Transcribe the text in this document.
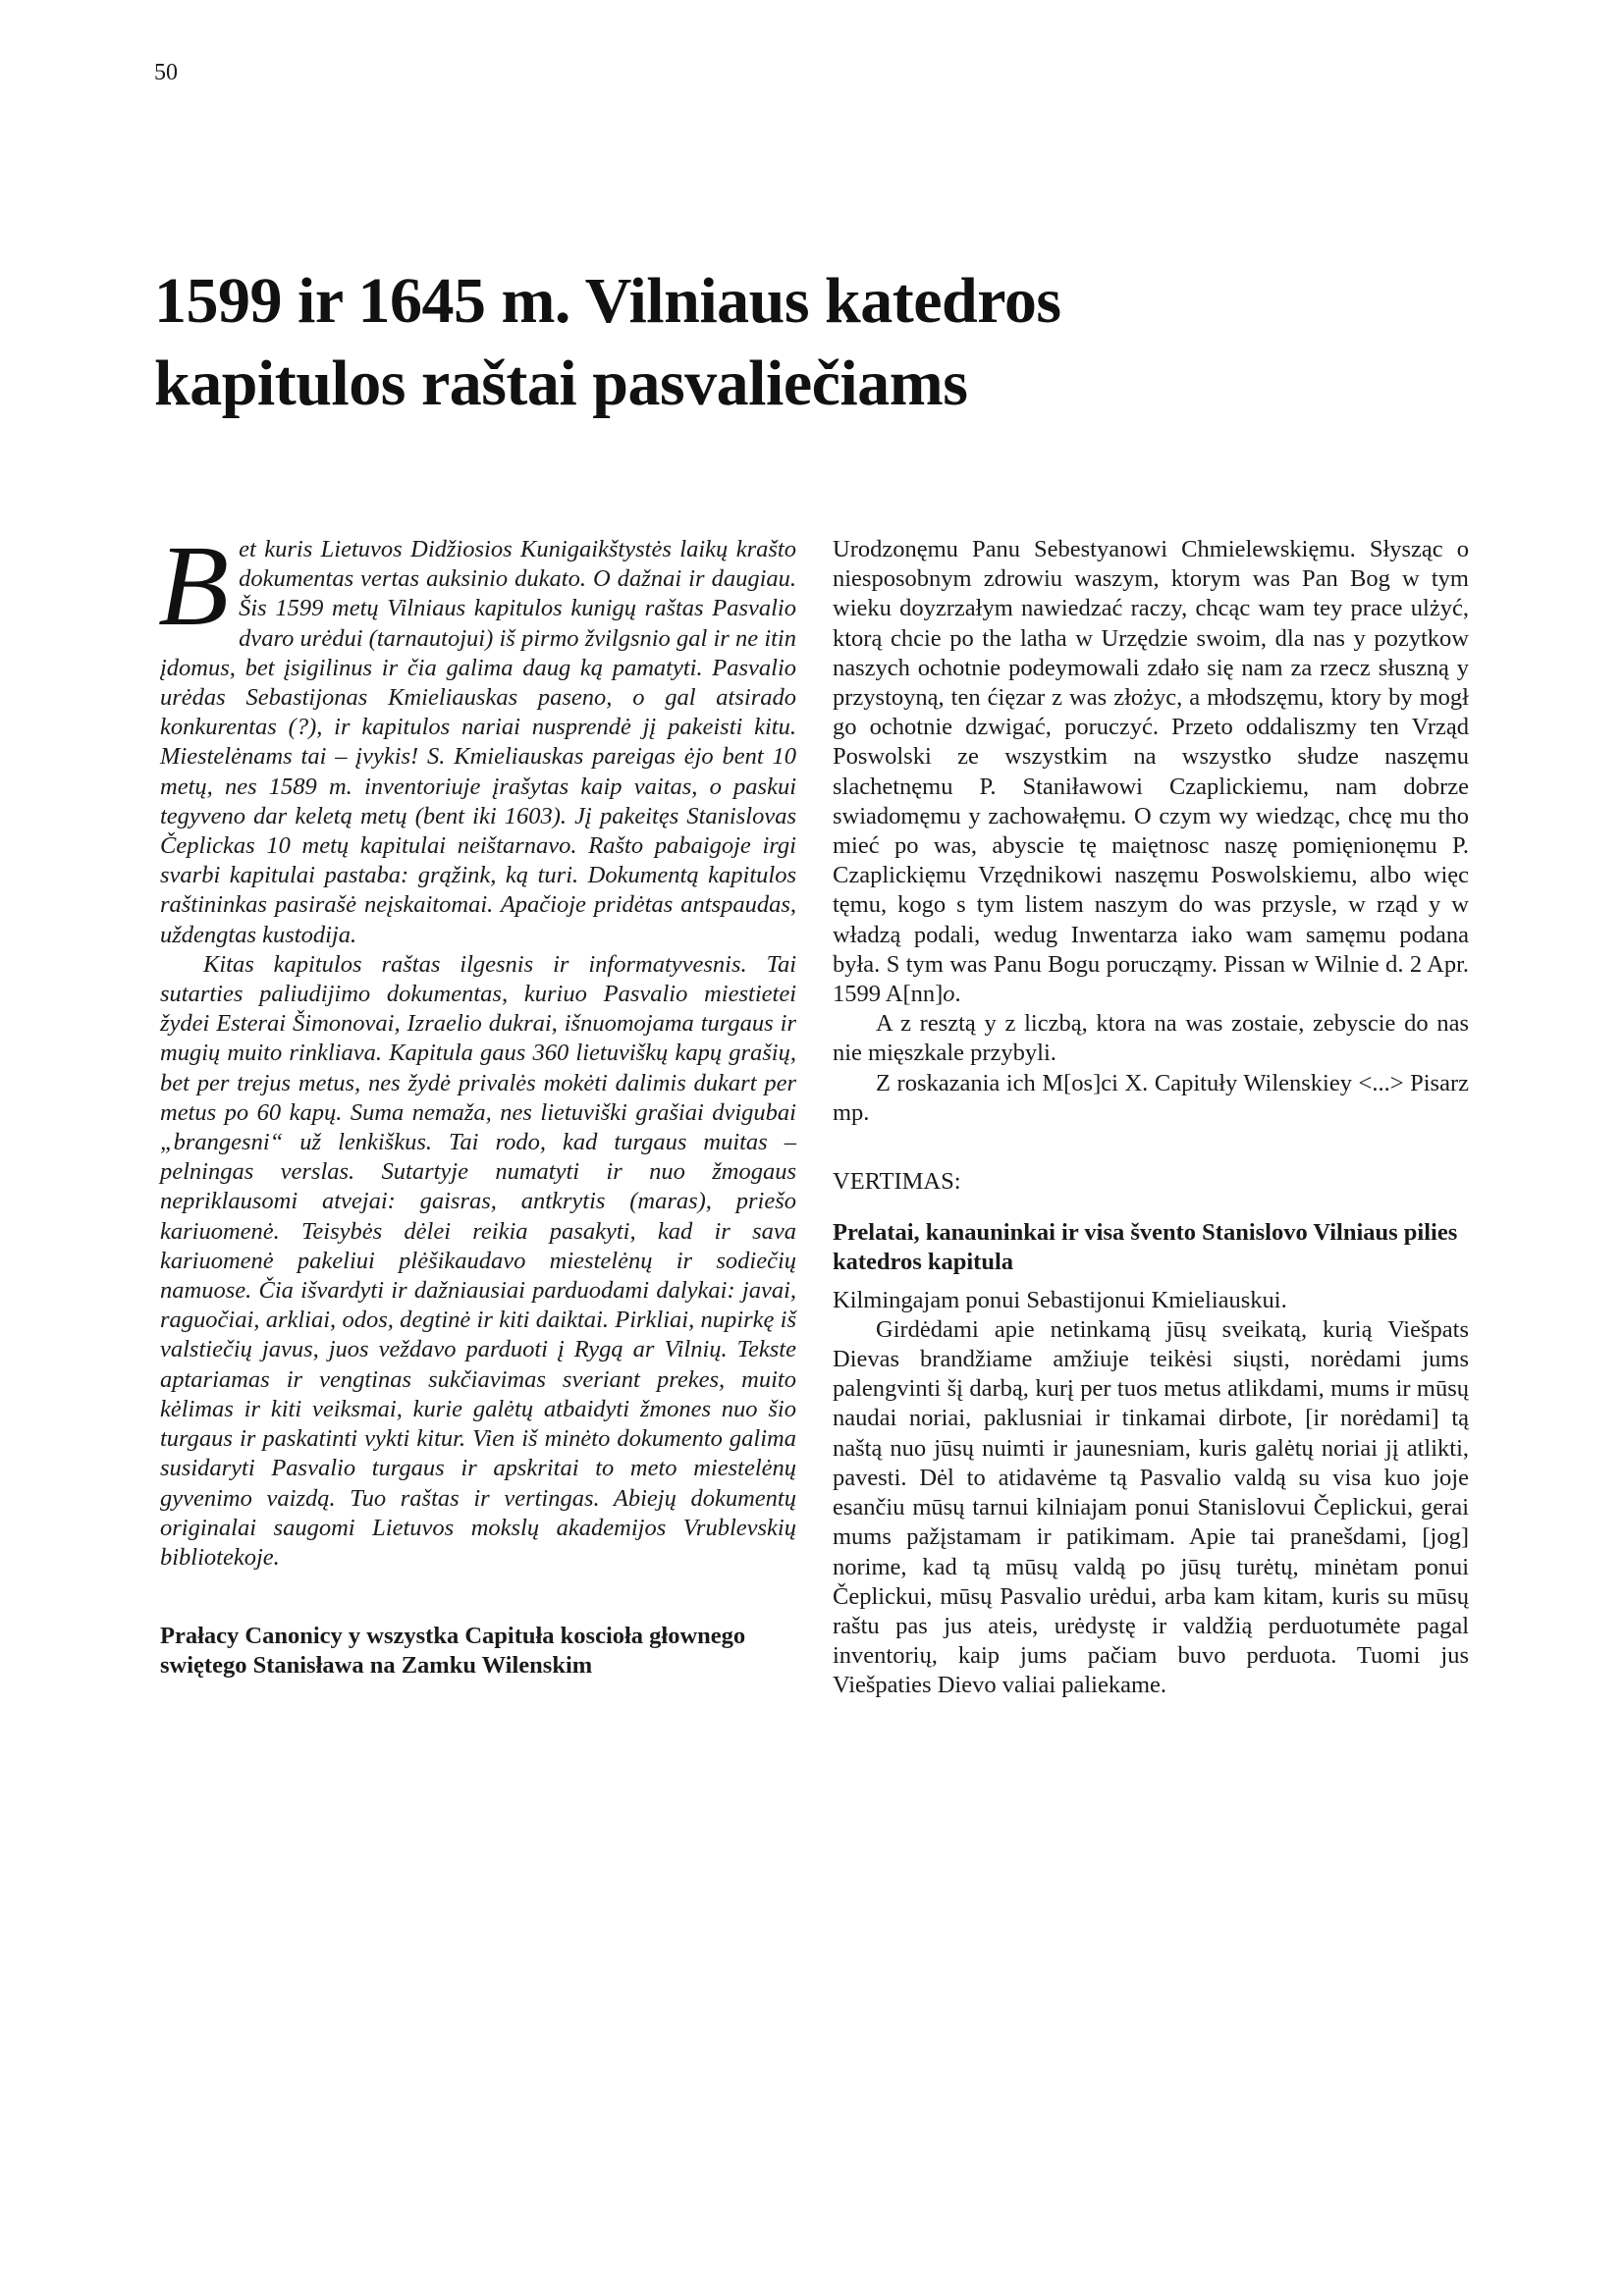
50
1599 ir 1645 m. Vilniaus katedros
kapitulos raštai pasvaliečiams

Bet kuris Lietuvos Didžiosios Kunigaikštystės laikų krašto dokumentas vertas auksinio dukato. O dažnai ir daugiau. Šis 1599 metų Vilniaus kapitulos kunigų raštas Pasvalio dvaro urėdui (tarnautojui) iš pirmo žvilgsnio gal ir ne itin įdomus, bet įsigilinus ir čia galima daug ką pamatyti. Pasvalio urėdas Sebastijonas Kmieliauskas paseno, o gal atsirado konkurentas (?), ir kapitulos nariai nusprendė jį pakeisti kitu. Miestelėnams tai – įvykis! S. Kmieliauskas pareigas ėjo bent 10 metų, nes 1589 m. inventoriuje įrašytas kaip vaitas, o paskui tegyveno dar keletą metų (bent iki 1603). Jį pakeitęs Stanislovas Čeplickas 10 metų kapitulai neištarnavo. Rašto pabaigoje irgi svarbi kapitulai pastaba: grąžink, ką turi. Dokumentą kapitulos raštininkas pasirašė neįskaitomai. Apačioje pridėtas antspaudas, uždengtas kustodija.

Kitas kapitulos raštas ilgesnis ir informatyvesnis. Tai sutarties paliudijimo dokumentas, kuriuo Pasvalio miestietei žydei Esterai Šimonovai, Izraelio dukrai, išnuomojama turgaus ir mugių muito rinkliava. Kapitula gaus 360 lietuviškų kapų grašių, bet per trejus metus, nes žydė privalės mokėti dalimis dukart per metus po 60 kapų. Suma nemaža, nes lietuviški grašiai dvigubai „brangesni“ už lenkiškus. Tai rodo, kad turgaus muitas – pelningas verslas. Sutartyje numatyti ir nuo žmogaus nepriklausomi atvejai: gaisras, antkrytis (maras), priešo kariuomenė. Teisybės dėlei reikia pasakyti, kad ir sava kariuomenė pakeliui plėšikaudavo miestelėnų ir sodiečių namuose. Čia išvardyti ir dažniausiai parduodami dalykai: javai, raguočiai, arkliai, odos, degtinė ir kiti daiktai. Pirkliai, nupirkę iš valstiečių javus, juos veždavo parduoti į Rygą ar Vilnių. Tekste aptariamas ir vengtinas sukčiavimas sveriant prekes, muito kėlimas ir kiti veiksmai, kurie galėtų atbaidyti žmones nuo šio turgaus ir paskatinti vykti kitur. Vien iš minėto dokumento galima susidaryti Pasvalio turgaus ir apskritai to meto miestelėnų gyvenimo vaizdą. Tuo raštas ir vertingas. Abiejų dokumentų originalai saugomi Lietuvos mokslų akademijos Vrublevskių bibliotekoje.

Prałacy Canonicy y wszystka Capituła kosciołа głownego swiętego Stanisława na Zamku Wilenskim

Urodzonęmu Panu Sebestyanowi Chmielewskięmu. Słysząc o niesposobnym zdrowiu waszym, ktorym was Pan Bog w tym wieku doyzrzałym nawiedzać raczy, chcąc wam tey prace ulżyć, ktorą chcie po the latha w Urzędzie swoim, dla nas y pozytkow naszych ochotnie podeymowali zdało się nam za rzecz słuszną y przystoyną, ten ćięzar z was złożyc, a młodszęmu, ktory by mogł go ochotnie dzwigać, poruczyć. Przeto oddaliszmy ten Vrząd Poswolski ze wszystkim na wszystko słudze naszęmu slachetnęmu P. Staniławowi Czaplickiemu, nam dobrze swiadomęmu y zachowałęmu. O czym wy wiedząc, chcę mu tho mieć po was, abyscie tę maiętnosc naszę pomięnionęmu P. Czaplickięmu Vrzędnikowi naszęmu Poswolskiemu, albo więc tęmu, kogo s tym listem naszym do was przysle, w rząd y w władzą podali, wedug Inwentarza iako wam samęmu podana była. S tym was Panu Bogu porucząmy. Pissan w Wilnie d. 2 Apr. 1599 A[nn]o.

A z resztą y z liczbą, ktora na was zostaie, zebyscie do nas nie mięszkale przybyli.

Z roskazania ich M[os]ci X. Capituły Wilenskiey <...> Pisarz mp.

VERTIMAS:

Prelatai, kanauninkai ir visa švento Stanislovo Vilniaus pilies katedros kapitula

Kilmingajam ponui Sebastijonui Kmieliauskui.

Girdėdami apie netinkamą jūsų sveikatą, kurią Viešpats Dievas brandžiame amžiuje teikėsi siųsti, norėdami jums palengvinti šį darbą, kurį per tuos metus atlikdami, mums ir mūsų naudai noriai, paklusniai ir tinkamai dirbote, [ir norėdami] tą naštą nuo jūsų nuimti ir jaunesniam, kuris galėtų noriai jį atlikti, pavesti. Dėl to atidavėme tą Pasvalio valdą su visa kuo joje esančiu mūsų tarnui kilniajam ponui Stanislovui Čeplickui, gerai mums pažįstamam ir patikimam. Apie tai pranešdami, [jog] norime, kad tą mūsų valdą po jūsų turėtų, minėtam ponui Čeplickui, mūsų Pasvalio urėdui, arba kam kitam, kuris su mūsų raštu pas jus ateis, urėdystę ir valdžią perduotumėte pagal inventorių, kaip jums pačiam buvo perduota. Tuomi jus Viešpaties Dievo valiai paliekame.
